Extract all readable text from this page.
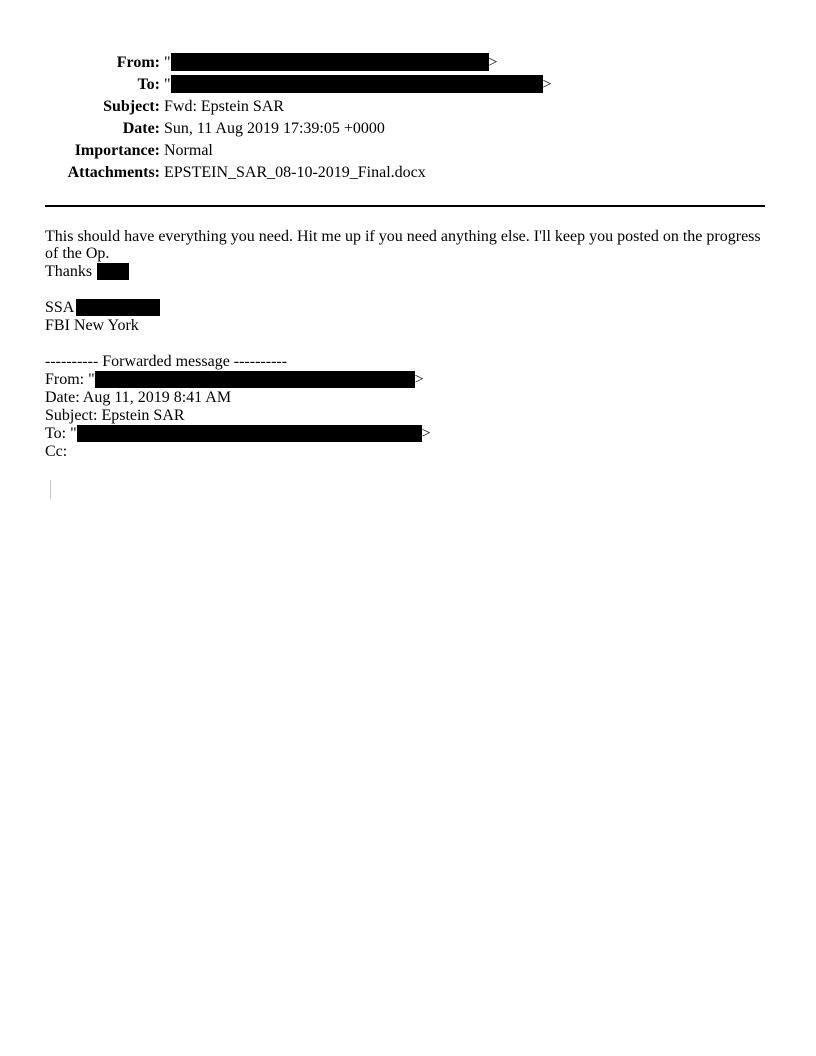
From: "	>
To: "	>
Subject: Fwd: Epstein SAR
Date: Sun, 11 Aug 2019 17:39:05 +0000
Importance: Normal
Attachments: EPSTEIN_SAR_08-10-2019_Final.docx
This should have everything you need. Hit me up if you need anything else. I'll keep you posted on the progress of the Op.
Thanks
SSA
FBI New York
---------- Forwarded message ----------
From: "	>
Date: Aug 11, 2019 8:41 AM
Subject: Epstein SAR
To: "	>
Cc:
